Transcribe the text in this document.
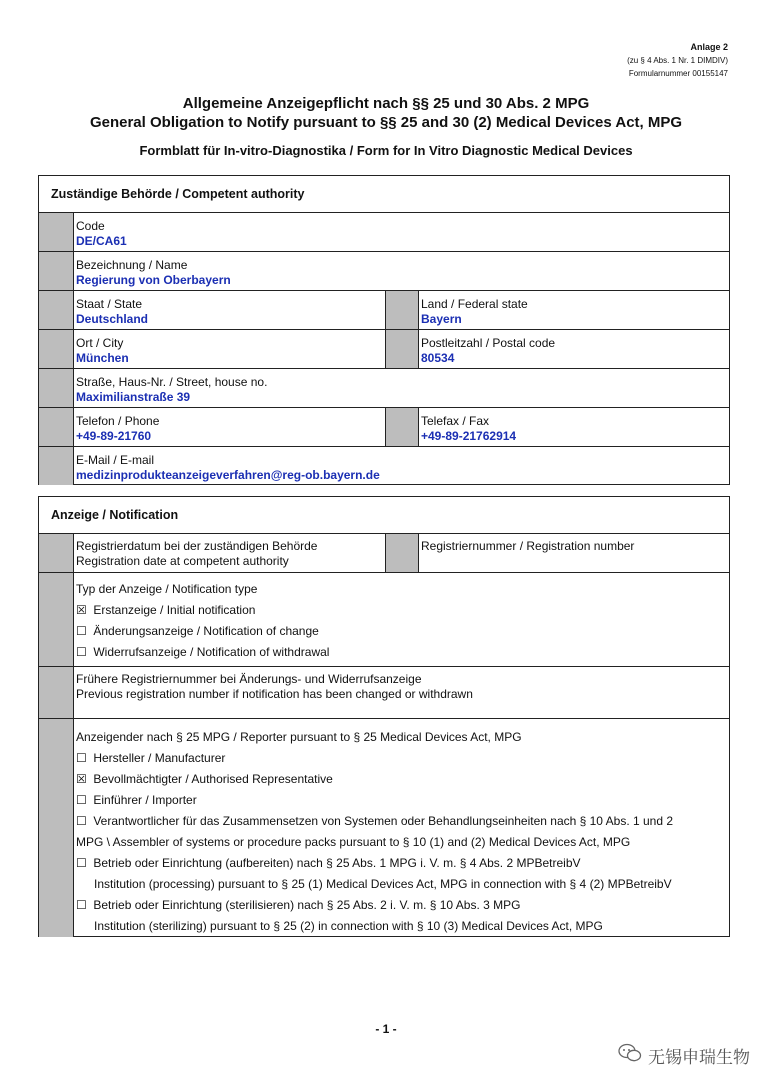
Anlage 2
(zu § 4 Abs. 1 Nr. 1 DIMDIV)
Formularnummer 00155147
Allgemeine Anzeigepflicht nach §§ 25 und 30 Abs. 2 MPG
General Obligation to Notify pursuant to §§ 25 and 30 (2) Medical Devices Act, MPG
Formblatt für In-vitro-Diagnostika / Form for In Vitro Diagnostic Medical Devices
Zuständige Behörde / Competent authority
Code
DE/CA61
Bezeichnung / Name
Regierung von Oberbayern
Staat / State
Deutschland
Land / Federal state
Bayern
Ort / City
München
Postleitzahl / Postal code
80534
Straße, Haus-Nr. / Street, house no.
Maximilianstraße 39
Telefon / Phone
+49-89-21760
Telefax / Fax
+49-89-21762914
E-Mail / E-mail
medizinprodukteanzeigeverfahren@reg-ob.bayern.de
Anzeige / Notification
Registrierdatum bei der zuständigen Behörde
Registration date at competent authority
Registriernummer / Registration number
Typ der Anzeige / Notification type
☒ Erstanzeige / Initial notification
☐ Änderungsanzeige / Notification of change
☐ Widerrufsanzeige / Notification of withdrawal
Frühere Registriernummer bei Änderungs- und Widerrufsanzeige
Previous registration number if notification has been changed or withdrawn
Anzeigender nach § 25 MPG / Reporter pursuant to § 25 Medical Devices Act, MPG
☐ Hersteller / Manufacturer
☒ Bevollmächtigter / Authorised Representative
☐ Einführer / Importer
☐ Verantwortlicher für das Zusammensetzen von Systemen oder Behandlungseinheiten nach § 10 Abs. 1 und 2
MPG \ Assembler of systems or procedure packs pursuant to § 10 (1) and (2) Medical Devices Act, MPG
☐ Betrieb oder Einrichtung (aufbereiten) nach § 25 Abs. 1 MPG i. V. m. § 4 Abs. 2 MPBetreibV
Institution (processing) pursuant to § 25 (1) Medical Devices Act, MPG in connection with § 4 (2) MPBetreibV
☐ Betrieb oder Einrichtung (sterilisieren) nach § 25 Abs. 2 i. V. m. § 10 Abs. 3 MPG
Institution (sterilizing) pursuant to § 25 (2) in connection with § 10 (3) Medical Devices Act, MPG
- 1 -
无锡申瑞生物
